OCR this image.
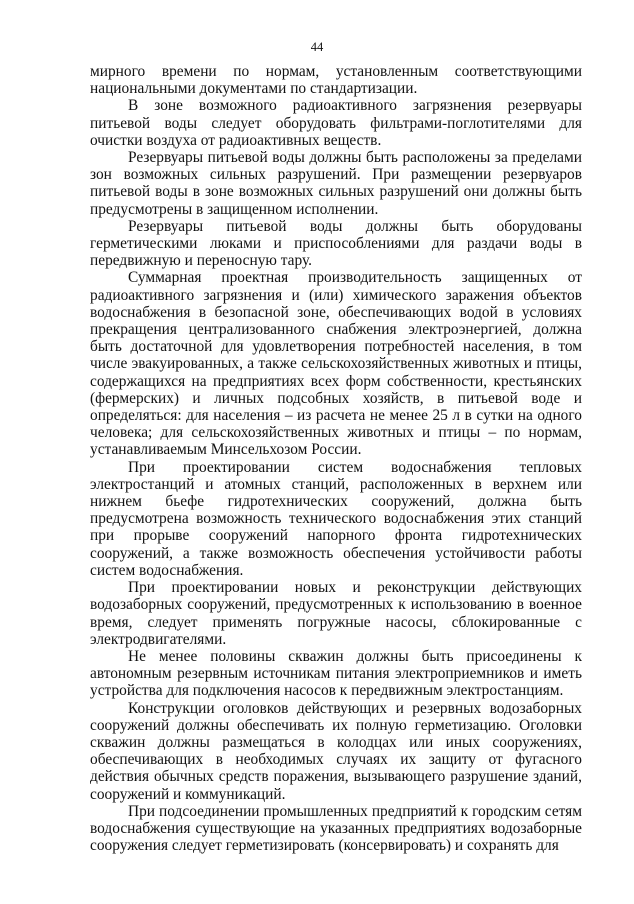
44

мирного времени по нормам, установленным соответствующими национальными документами по стандартизации.

В зоне возможного радиоактивного загрязнения резервуары питьевой воды следует оборудовать фильтрами-поглотителями для очистки воздуха от радиоактивных веществ.

Резервуары питьевой воды должны быть расположены за пределами зон возможных сильных разрушений. При размещении резервуаров питьевой воды в зоне возможных сильных разрушений они должны быть предусмотрены в защищенном исполнении.

Резервуары питьевой воды должны быть оборудованы герметическими люками и приспособлениями для раздачи воды в передвижную и переносную тару.

Суммарная проектная производительность защищенных от радиоактивного загрязнения и (или) химического заражения объектов водоснабжения в безопасной зоне, обеспечивающих водой в условиях прекращения централизованного снабжения электроэнергией, должна быть достаточной для удовлетворения потребностей населения, в том числе эвакуированных, а также сельскохозяйственных животных и птицы, содержащихся на предприятиях всех форм собственности, крестьянских (фермерских) и личных подсобных хозяйств, в питьевой воде и определяться: для населения – из расчета не менее 25 л в сутки на одного человека; для сельскохозяйственных животных и птицы – по нормам, устанавливаемым Минсельхозом России.

При проектировании систем водоснабжения тепловых электростанций и атомных станций, расположенных в верхнем или нижнем бьефе гидротехнических сооружений, должна быть предусмотрена возможность технического водоснабжения этих станций при прорыве сооружений напорного фронта гидротехнических сооружений, а также возможность обеспечения устойчивости работы систем водоснабжения.

При проектировании новых и реконструкции действующих водозаборных сооружений, предусмотренных к использованию в военное время, следует применять погружные насосы, сблокированные с электродвигателями.

Не менее половины скважин должны быть присоединены к автономным резервным источникам питания электроприемников и иметь устройства для подключения насосов к передвижным электростанциям.

Конструкции оголовков действующих и резервных водозаборных сооружений должны обеспечивать их полную герметизацию. Оголовки скважин должны размещаться в колодцах или иных сооружениях, обеспечивающих в необходимых случаях их защиту от фугасного действия обычных средств поражения, вызывающего разрушение зданий, сооружений и коммуникаций.

При подсоединении промышленных предприятий к городским сетям водоснабжения существующие на указанных предприятиях водозаборные сооружения следует герметизировать (консервировать) и сохранять для
